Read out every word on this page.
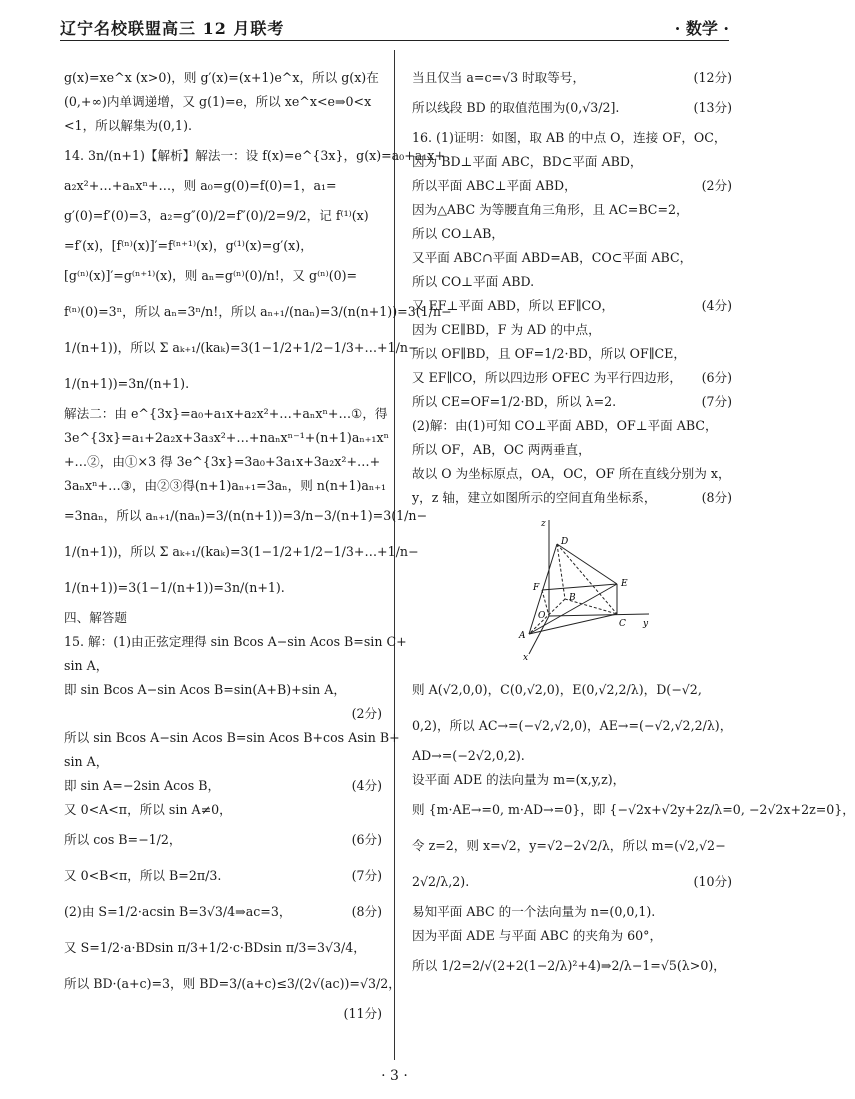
辽宁名校联盟高三 12 月联考	· 数学 ·
g(x)=xe^x (x>0)，则 g′(x)=(x+1)e^x，所以 g(x)在
(0,+∞)内单调递增，又 g(1)=e，所以 xe^x<e⇒0<x
<1，所以解集为(0,1).
14. 3n/(n+1)【解析】解法一：设 f(x)=e^{3x}，g(x)=a₀+a₁x+
a₂x²+…+aₙxⁿ+…，则 a₀=g(0)=f(0)=1，a₁=
g′(0)=f′(0)=3，a₂=g″(0)/2=f″(0)/2=9/2，记 f⁽¹⁾(x)
=f′(x)，[f⁽ⁿ⁾(x)]′=f⁽ⁿ⁺¹⁾(x)，g⁽¹⁾(x)=g′(x)，
[g⁽ⁿ⁾(x)]′=g⁽ⁿ⁺¹⁾(x)，则 aₙ=g⁽ⁿ⁾(0)/n!，又 g⁽ⁿ⁾(0)=
f⁽ⁿ⁾(0)=3ⁿ，所以 aₙ=3ⁿ/n!，所以 aₙ₊₁/(naₙ)=3/(n(n+1))=3(1/n−
1/(n+1))，所以 Σ aₖ₊₁/(kaₖ)=3(1−1/2+1/2−1/3+…+1/n−
1/(n+1))=3n/(n+1).
解法二：由 e^{3x}=a₀+a₁x+a₂x²+…+aₙxⁿ+…①，得
3e^{3x}=a₁+2a₂x+3a₃x²+…+naₙxⁿ⁻¹+(n+1)aₙ₊₁xⁿ
+…②，由①×3 得 3e^{3x}=3a₀+3a₁x+3a₂x²+…+
3aₙxⁿ+…③，由②③得(n+1)aₙ₊₁=3aₙ，则 n(n+1)aₙ₊₁
=3naₙ，所以 aₙ₊₁/(naₙ)=3/(n(n+1))=3/n−3/(n+1)=3(1/n−
1/(n+1))，所以 Σ aₖ₊₁/(kaₖ)=3(1−1/2+1/2−1/3+…+1/n−
1/(n+1))=3(1−1/(n+1))=3n/(n+1).
四、解答题
15. 解：(1)由正弦定理得 sin Bcos A−sin Acos B=sin C+
sin A，
即 sin Bcos A−sin Acos B=sin(A+B)+sin A，
(2分)
所以 sin Bcos A−sin Acos B=sin Acos B+cos Asin B+
sin A，
即 sin A=−2sin Acos B，	(4分)
又 0<A<π，所以 sin A≠0，
所以 cos B=−1/2，	(6分)
又 0<B<π，所以 B=2π/3.	(7分)
(2)由 S=1/2·acsin B=3√3/4⇒ac=3，	(8分)
又 S=1/2·a·BDsin π/3+1/2·c·BDsin π/3=3√3/4，
所以 BD·(a+c)=3，则 BD=3/(a+c)≤3/(2√(ac))=√3/2，
(11分)
当且仅当 a=c=√3 时取等号，	(12分)
所以线段 BD 的取值范围为(0,√3/2].	(13分)
16. (1)证明：如图，取 AB 的中点 O，连接 OF，OC，
因为 BD⊥平面 ABC，BD⊂平面 ABD，
所以平面 ABC⊥平面 ABD，	(2分)
因为△ABC 为等腰直角三角形，且 AC=BC=2，
所以 CO⊥AB，
又平面 ABC∩平面 ABD=AB，CO⊂平面 ABC，
所以 CO⊥平面 ABD.
又 EF⊥平面 ABD，所以 EF∥CO，	(4分)
因为 CE∥BD，F 为 AD 的中点，
所以 OF∥BD，且 OF=1/2·BD，所以 OF∥CE，
又 EF∥CO，所以四边形 OFEC 为平行四边形， (6分)
所以 CE=OF=1/2·BD，所以 λ=2.	(7分)
(2)解：由(1)可知 CO⊥平面 ABD，OF⊥平面 ABC，
所以 OF，AB，OC 两两垂直，
故以 O 为坐标原点，OA，OC，OF 所在直线分别为 x，
y，z 轴，建立如图所示的空间直角坐标系，	(8分)
z
D
F
B
E
O
C y
A
x
则 A(√2,0,0)，C(0,√2,0)，E(0,√2,2/λ)，D(−√2,
0,2)，所以 AC→=(−√2,√2,0)，AE→=(−√2,√2,2/λ)，
AD→=(−2√2,0,2).
设平面 ADE 的法向量为 m=(x,y,z)，
则 {m·AE→=0, m·AD→=0}，即 {−√2x+√2y+2z/λ=0, −2√2x+2z=0}，
令 z=2，则 x=√2，y=√2−2√2/λ，所以 m=(√2,√2−
2√2/λ,2).	(10分)
易知平面 ABC 的一个法向量为 n=(0,0,1).
因为平面 ADE 与平面 ABC 的夹角为 60°，
所以 1/2=2/√(2+2(1−2/λ)²+4)⇒2/λ−1=√5(λ>0)，
· 3 ·
